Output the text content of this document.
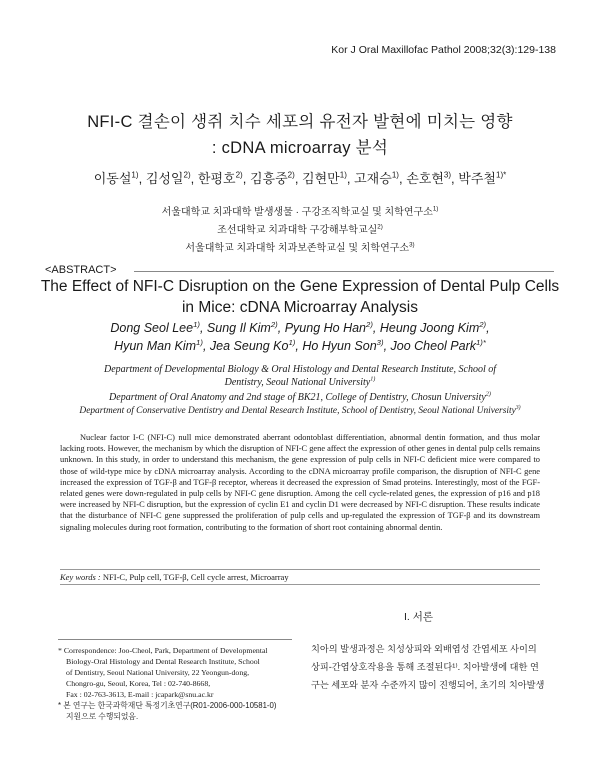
Kor J Oral Maxillofac Pathol 2008;32(3):129-138
NFI-C 결손이 생쥐 치수 세포의 유전자 발현에 미치는 영향
: cDNA microarray 분석
이동설$^{1)}$, 김성일$^{2)}$, 한평호$^{2)}$, 김흥중$^{2)}$, 김현만$^{1)}$, 고재승$^{1)}$, 손호현$^{3)}$, 박주철$^{1)*}$
서울대학교 치과대학 발생생물 · 구강조직학교실 및 치학연구소$^{1)}$
조선대학교 치과대학 구강해부학교실$^{2)}$
서울대학교 치과대학 치과보존학교실 및 치학연구소$^{3)}$
<ABSTRACT>
The Effect of NFI-C Disruption on the Gene Expression of Dental Pulp Cells
in Mice: cDNA Microarray Analysis
Dong Seol Lee$^{1)}$, Sung Il Kim$^{2)}$, Pyung Ho Han$^{2)}$, Heung Joong Kim$^{2)}$,
Hyun Man Kim$^{1)}$, Jea Seung Ko$^{1)}$, Ho Hyun Son$^{3)}$, Joo Cheol Park$^{1)*}$
Department of Developmental Biology & Oral Histology and Dental Research Institute, School of
Dentistry, Seoul National University$^{1)}$
Department of Oral Anatomy and 2nd stage of BK21, College of Dentistry, Chosun University$^{2)}$
Department of Conservative Dentistry and Dental Research Institute, School of Dentistry, Seoul National University$^{3)}$

Nuclear factor I-C (NFI-C) null mice demonstrated aberrant odontoblast differentiation, abnormal dentin formation, and thus molar lacking roots. However, the mechanism by which the disruption of NFI-C gene affect the expression of other genes in dental pulp cells remains unknown. In this study, in order to understand this mechanism, the gene expression of pulp cells in NFI-C deficient mice were compared to those of wild-type mice by cDNA microarray analysis. According to the cDNA microarray profile comparison, the disruption of NFI-C gene increased the expression of TGF-β and TGF-β receptor, whereas it decreased the expression of Smad proteins. Interestingly, most of the FGF-related genes were down-regulated in pulp cells by NFI-C gene disruption. Among the cell cycle-related genes, the expression of p16 and p18 were increased by NFI-C disruption, but the expression of cyclin E1 and cyclin D1 were decreased by NFI-C disruption. These results indicate that the disturbance of NFI-C gene suppressed the proliferation of pulp cells and up-regulated the expression of TGF-β and its downstream signaling molecules during root formation, contributing to the formation of short root containing abnormal dentin.

Key words : NFI-C, Pulp cell, TGF-β, Cell cycle arrest, Microarray
I. 서론
치아의 발생과정은 치성상피와 외배엽성 간엽세포 사이의
상피-간엽상호작용을 통해 조절된다¹⁾. 치아발생에 대한 연
구는 세포와 분자 수준까지 많이 진행되어, 초기의 치아발생
* Correspondence: Joo-Cheol, Park, Department of Developmental
Biology-Oral Histology and Dental Research Institute, School
of Dentistry, Seoul National University, 22 Yeongun-dong,
Chongro-gu, Seoul, Korea, Tel : 02-740-8668,
Fax : 02-763-3613, E-mail : jcapark@snu.ac.kr
* 본 연구는 한국과학재단 특정기초연구(R01-2006-000-10581-0)
지원으로 수행되었음.
